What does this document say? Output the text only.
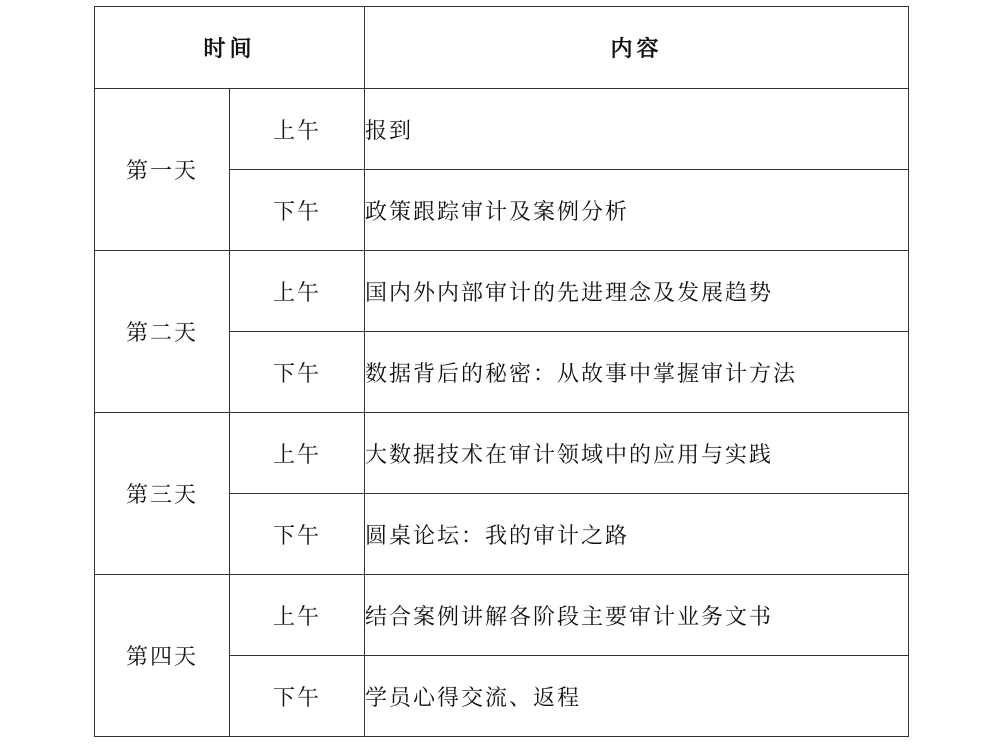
时间		内容
第一天	上午	报到
	下午	政策跟踪审计及案例分析
第二天	上午	国内外内部审计的先进理念及发展趋势
	下午	数据背后的秘密：从故事中掌握审计方法
第三天	上午	大数据技术在审计领域中的应用与实践
	下午	圆桌论坛：我的审计之路
第四天	上午	结合案例讲解各阶段主要审计业务文书
	下午	学员心得交流、返程
